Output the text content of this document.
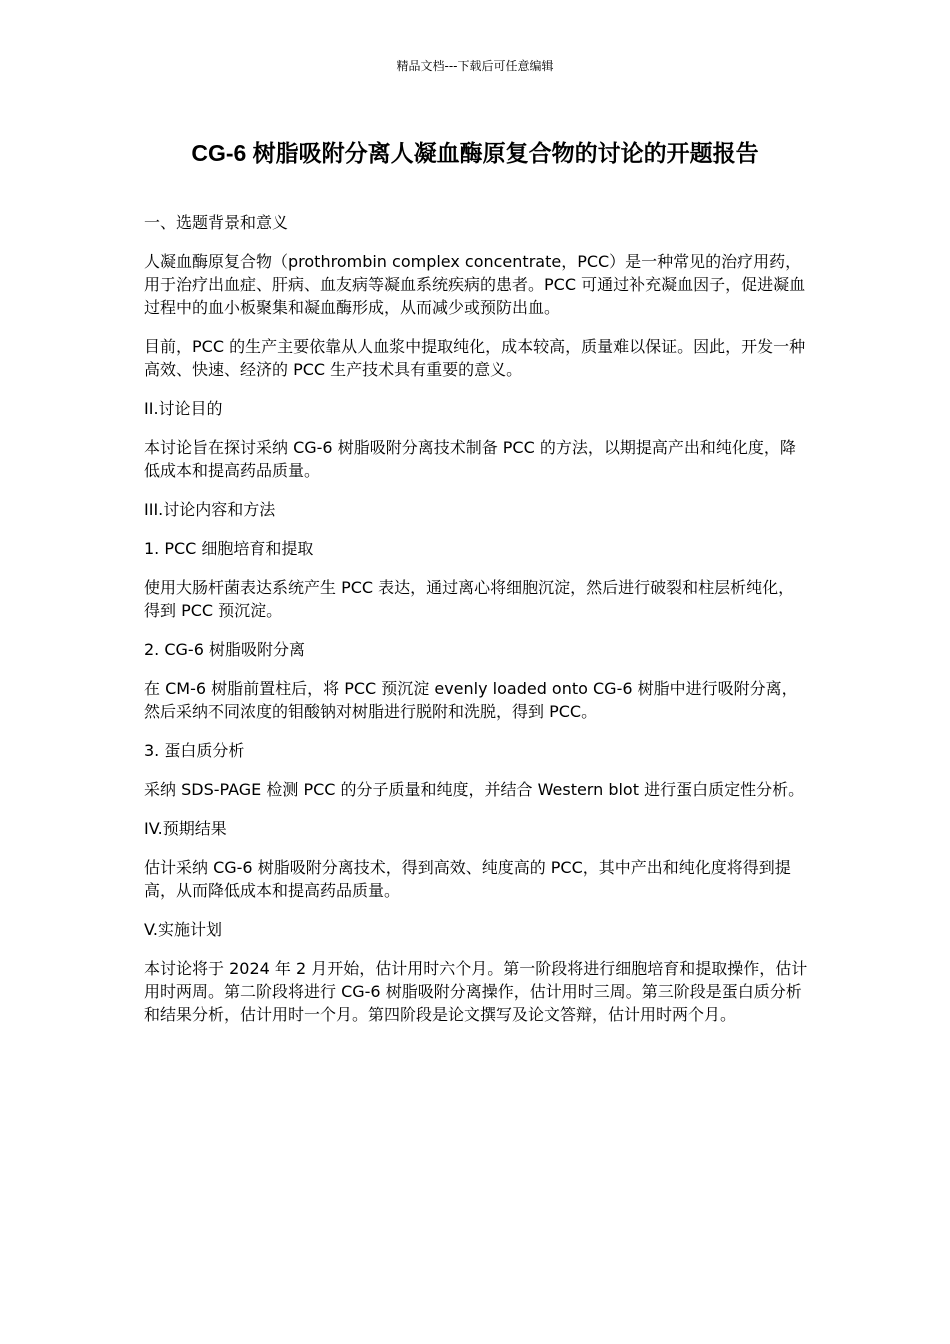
精品文档---下载后可任意编辑
CG-6 树脂吸附分离人凝血酶原复合物的讨论的开题报告

一、选题背景和意义

人凝血酶原复合物（prothrombin complex concentrate，PCC）是一种常见的治疗用药，用于治疗出血症、肝病、血友病等凝血系统疾病的患者。PCC 可通过补充凝血因子，促进凝血过程中的血小板聚集和凝血酶形成，从而减少或预防出血。

目前，PCC 的生产主要依靠从人血浆中提取纯化，成本较高，质量难以保证。因此，开发一种高效、快速、经济的 PCC 生产技术具有重要的意义。

II.讨论目的

本讨论旨在探讨采纳 CG-6 树脂吸附分离技术制备 PCC 的方法，以期提高产出和纯化度，降低成本和提高药品质量。

III.讨论内容和方法

1. PCC 细胞培育和提取

使用大肠杆菌表达系统产生 PCC 表达，通过离心将细胞沉淀，然后进行破裂和柱层析纯化，得到 PCC 预沉淀。

2. CG-6 树脂吸附分离

在 CM-6 树脂前置柱后，将 PCC 预沉淀 evenly loaded onto CG-6 树脂中进行吸附分离，然后采纳不同浓度的钼酸钠对树脂进行脱附和洗脱，得到 PCC。

3. 蛋白质分析

采纳 SDS-PAGE 检测 PCC 的分子质量和纯度，并结合 Western blot 进行蛋白质定性分析。

IV.预期结果

估计采纳 CG-6 树脂吸附分离技术，得到高效、纯度高的 PCC，其中产出和纯化度将得到提高，从而降低成本和提高药品质量。

V.实施计划

本讨论将于 2024 年 2 月开始，估计用时六个月。第一阶段将进行细胞培育和提取操作，估计用时两周。第二阶段将进行 CG-6 树脂吸附分离操作，估计用时三周。第三阶段是蛋白质分析和结果分析，估计用时一个月。第四阶段是论文撰写及论文答辩，估计用时两个月。
